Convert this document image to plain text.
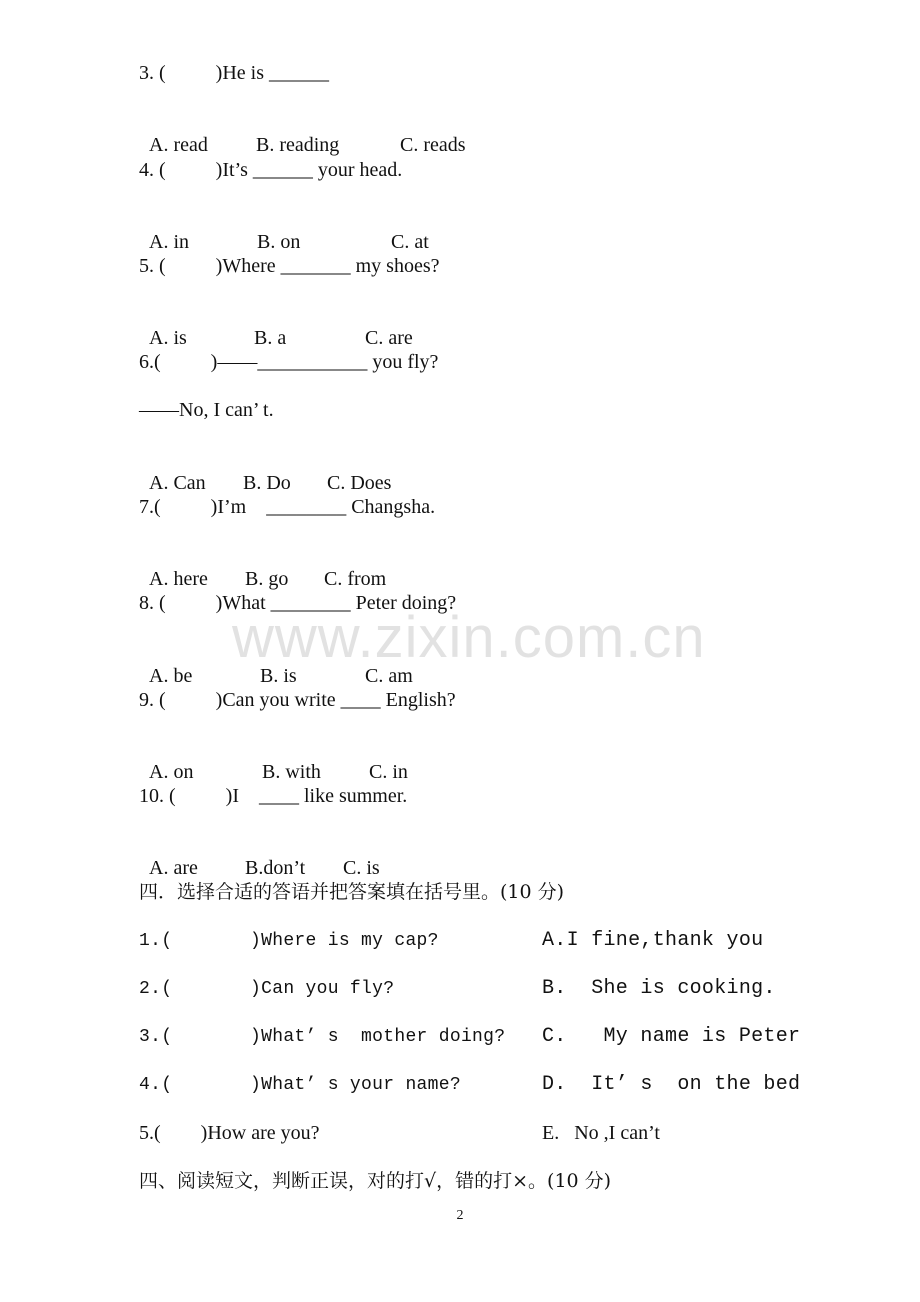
3. (          )He is ______

A. read B. reading	C. reads

4. (          )It’s ______ your head.

A. in	B. on	C. at

5. (          )Where _______ my shoes?

A. is	B. a	C. are

6.(          )——___________ you fly?
——No, I can’ t.

A. Can B. Do C. Does

7.(          )I’m    ________ Changsha.

A. here B. go C. from

8. (          )What ________ Peter doing?

A. be	B. is	C. am

9. (          )Can you write ____ English?

A. on	B. with C. in

10. (          )I    ____ like summer.

A. are B.don’t C. is

四．选择合适的答语并把答案填在括号里。(10 分)
1.(       )Where is my cap?	A.I fine,thank you
2.(       )Can you fly?	B.  She is cooking.
3.(       )What’ s  mother doing? C.   My name is Peter
4.(       )What’ s your name?	D.  It’ s  on the bed
5.(        )How are you?	E.   No ,I can’t
四、阅读短文，判断正误，对的打√，错的打×。(10 分)
www.zixin.com.cn
2
